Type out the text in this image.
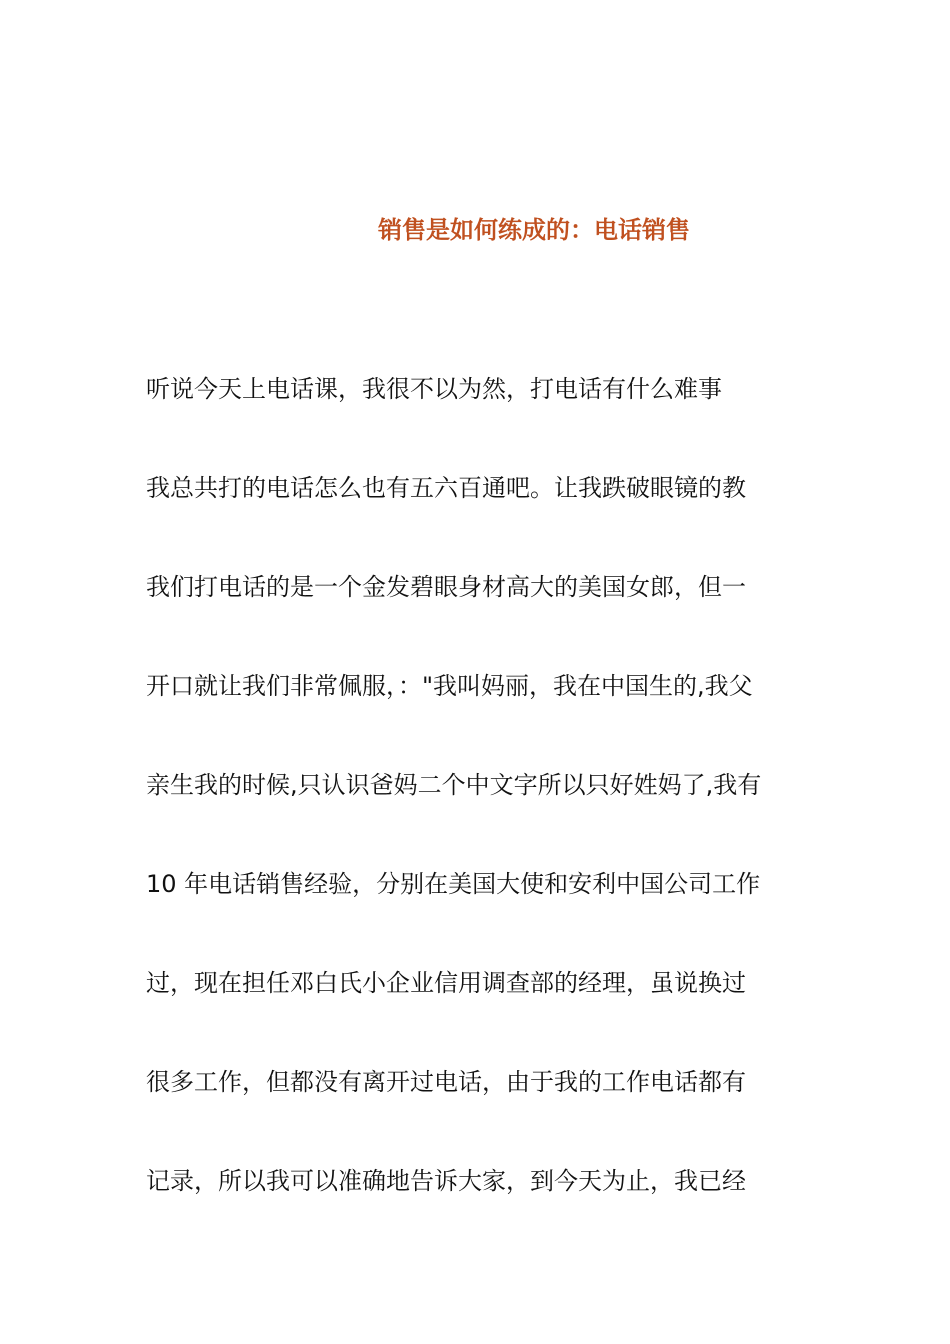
销售是如何练成的：电话销售
听说今天上电话课，我很不以为然，打电话有什么难事
我总共打的电话怎么也有五六百通吧。让我跌破眼镜的教
我们打电话的是一个金发碧眼身材高大的美国女郎，但一
开口就让我们非常佩服，："我叫妈丽，我在中国生的,我父
亲生我的时候,只认识爸妈二个中文字所以只好姓妈了,我有
10 年电话销售经验，分别在美国大使和安利中国公司工作
过，现在担任邓白氏小企业信用调查部的经理，虽说换过
很多工作，但都没有离开过电话，由于我的工作电话都有
记录，所以我可以准确地告诉大家，到今天为止，我已经
